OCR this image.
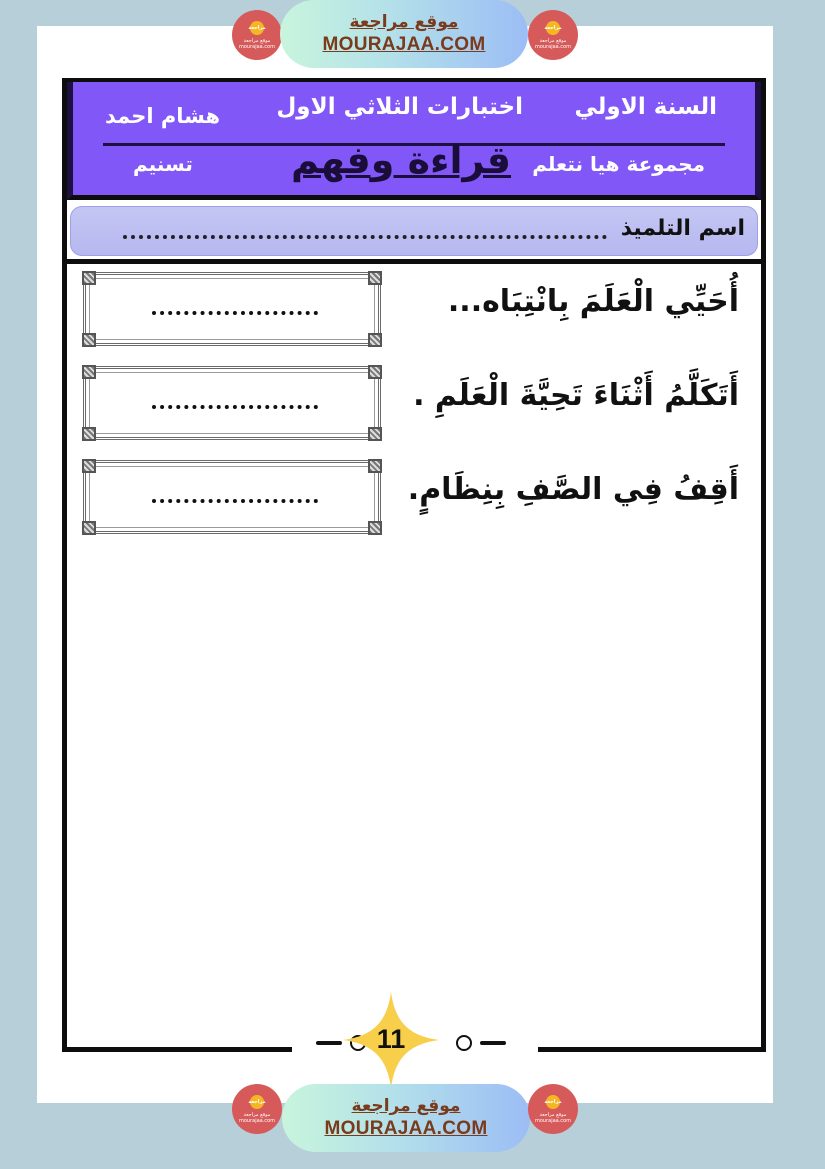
مراجعة
موقع مراجعة mourajaa.com
موقع مراجعة
MOURAJAA.COM
مراجعة
موقع مراجعة mourajaa.com
السنة الاولي
اختبارات الثلاثي الاول
هشام احمد
مجموعة هيا نتعلم
قراءة وفهم
تسنيم
اسم التلميذ
أُحَيِّي الْعَلَمَ بِانْتِبَاه...
أَتَكَلَّمُ أَثْنَاءَ تَحِيَّةَ الْعَلَمِ .
أَقِفُ فِي الصَّفِ بِنِظَامٍ.
11
مراجعة
موقع مراجعة mourajaa.com
موقع مراجعة
MOURAJAA.COM
مراجعة
موقع مراجعة mourajaa.com
